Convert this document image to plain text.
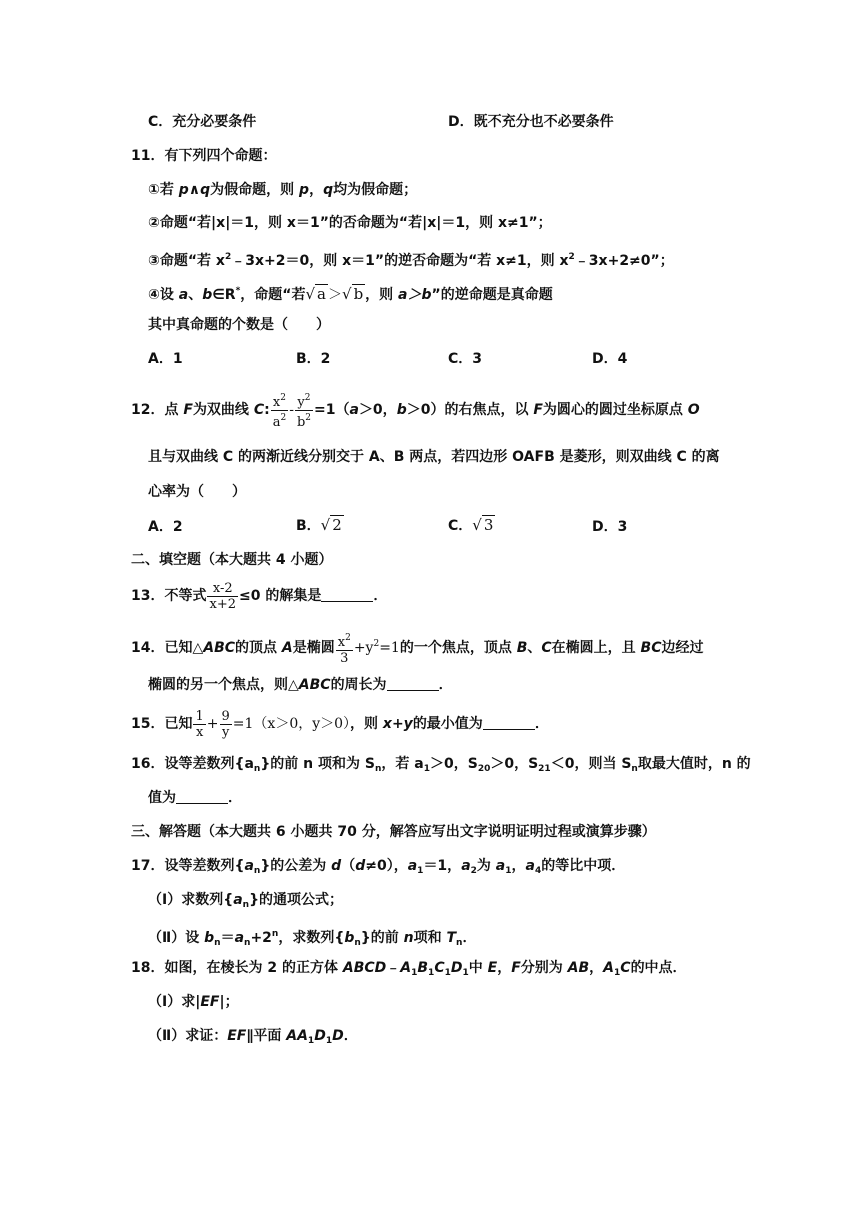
C．充分必要条件	D．既不充分也不必要条件
11．有下列四个命题：
①若 p∧q为假命题，则 p，q均为假命题；
②命题“若|x|＝1，则 x＝1”的否命题为“若|x|＝1，则 x≠1”；
③命题“若 $x^2﹣3x+2=0$，则 x＝1”的逆否命题为“若 x≠1，则 $x^2﹣3x+2\ne 0$”；
④设 a、b∈R*，命题“若√ a ＞√ b ，则 a＞b”的逆命题是真命题
其中真命题的个数是（　　）
A．1	B．2	C．3	D．4
12．点 F为双曲线 C: $\frac{x^2}{a^2} - \frac{y^2}{b^2} =1(a>0$，b＞0）的右焦点，以 F为圆心的圆过坐标原点 O
且与双曲线 C 的两渐近线分别交于 A、B 两点，若四边形 OAFB 是菱形，则双曲线 C 的离
心率为（　　）
A．2	B．√ 2	C．√ 3	D．3
二、填空题（本大题共 4 小题）
13．不等式 $\frac{x-2}{x+2} \le 0$ 的解集是	．
14．已知△ABC的顶点 A是椭圆 $\frac{x^2}{3} +y^2=1$的一个焦点，顶点 B、C在椭圆上，且 BC边经过
椭圆的另一个焦点，则△ABC的周长为	．
15．已知 $\frac{1}{x} + \frac{9}{y} =1(x>0$，y＞0），则 x+y的最小值为	．
16．设等差数列$\{a_n\}$的前 n 项和为 $S_n$，若 $a_1>0$，$S_{20}>0$，$S_{21}<0$，则当 $S_n$取最大值时，n 的
值为	．
三、解答题（本大题共 6 小题共 70 分，解答应写出文字说明证明过程或演算步骤）
17．设等差数列$\{a_n\}$的公差为 d（d≠0），$a_1=1$，$a_2$为 $a_1$，$a_4$的等比中项．
（Ⅰ）求数列$\{a_n\}$的通项公式；
（Ⅱ）设 $b_n=a_n+2^n$，求数列$\{b_n\}$的前 n项和 $T_n$．
18．如图，在棱长为 2 的正方体 $ABCD﹣A_1B_1C_1D_1$中 E，F分别为 AB，$A_1C$的中点．
（Ⅰ）求|EF|；
（Ⅱ）求证：EF∥平面 $AA_1D_1D$．
